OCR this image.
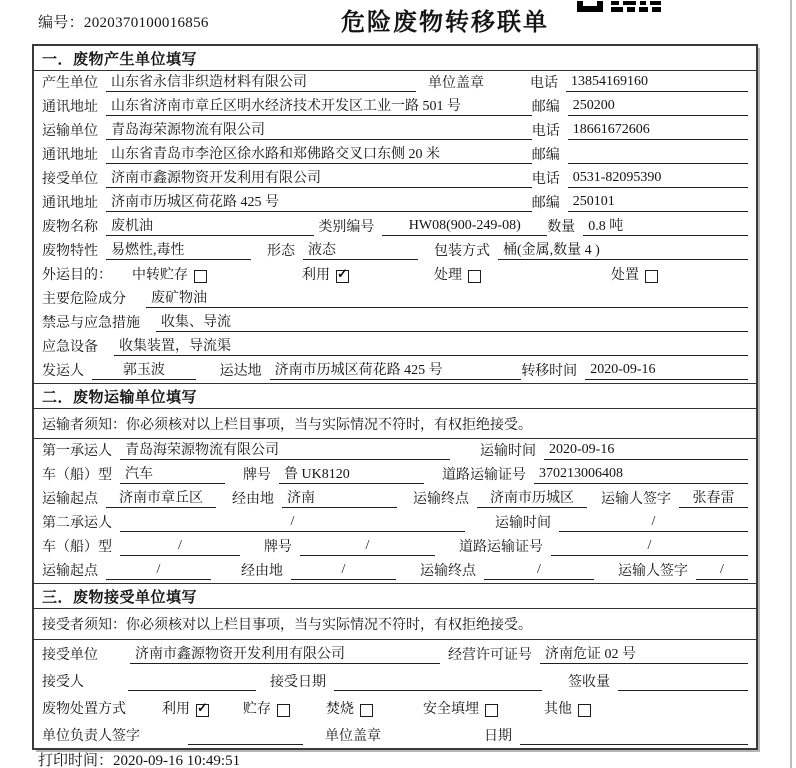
编号：2020370100016856	危险废物转移联单
一．废物产生单位填写
产生单位 山东省永信非织造材料有限公司	单位盖章	电话 13854169160
通讯地址 山东省济南市章丘区明水经济技术开发区工业一路 501 号	邮编 250200
运输单位 青岛海荣源物流有限公司	电话 18661672606
通讯地址 山东省青岛市李沧区徐水路和郑佛路交叉口东侧 20 米	邮编
接受单位 济南市鑫源物资开发利用有限公司	电话 0531-82095390
通讯地址 济南市历城区荷花路 425 号	邮编 250101
废物名称 废机油	类别编号	HW08(900-249-08)	数量 0.8 吨
废物特性 易燃性,毒性	形态 液态	包装方式 桶(金属,数量 4 )
外运目的： 中转贮存	利用 ✓	处理	处置
主要危险成分	废矿物油
禁忌与应急措施	收集、导流
应急设备	收集装置，导流渠
发运人	郭玉波	运达地 济南市历城区荷花路 425 号	转移时间 2020-09-16
二．废物运输单位填写
运输者须知：你必须核对以上栏目事项，当与实际情况不符时，有权拒绝接受。
第一承运人 青岛海荣源物流有限公司	运输时间 2020-09-16
车（船）型 汽车	牌号 鲁 UK8120	道路运输证号 370213006408
运输起点	济南市章丘区	经由地 济南	运输终点	济南市历城区	运输人签字	张春雷
第二承运人	/	运输时间	/
车（船）型	/	牌号	/	道路运输证号	/
运输起点	/	经由地	/	运输终点	/	运输人签字	/
三．废物接受单位填写
接受者须知：你必须核对以上栏目事项，当与实际情况不符时，有权拒绝接受。
接受单位	济南市鑫源物资开发利用有限公司	经营许可证号 济南危证 02 号
接受人	接受日期	签收量
废物处置方式	利用 ✓	贮存	焚烧	安全填埋	其他
单位负责人签字	单位盖章	日期
打印时间：2020-09-16 10:49:51
